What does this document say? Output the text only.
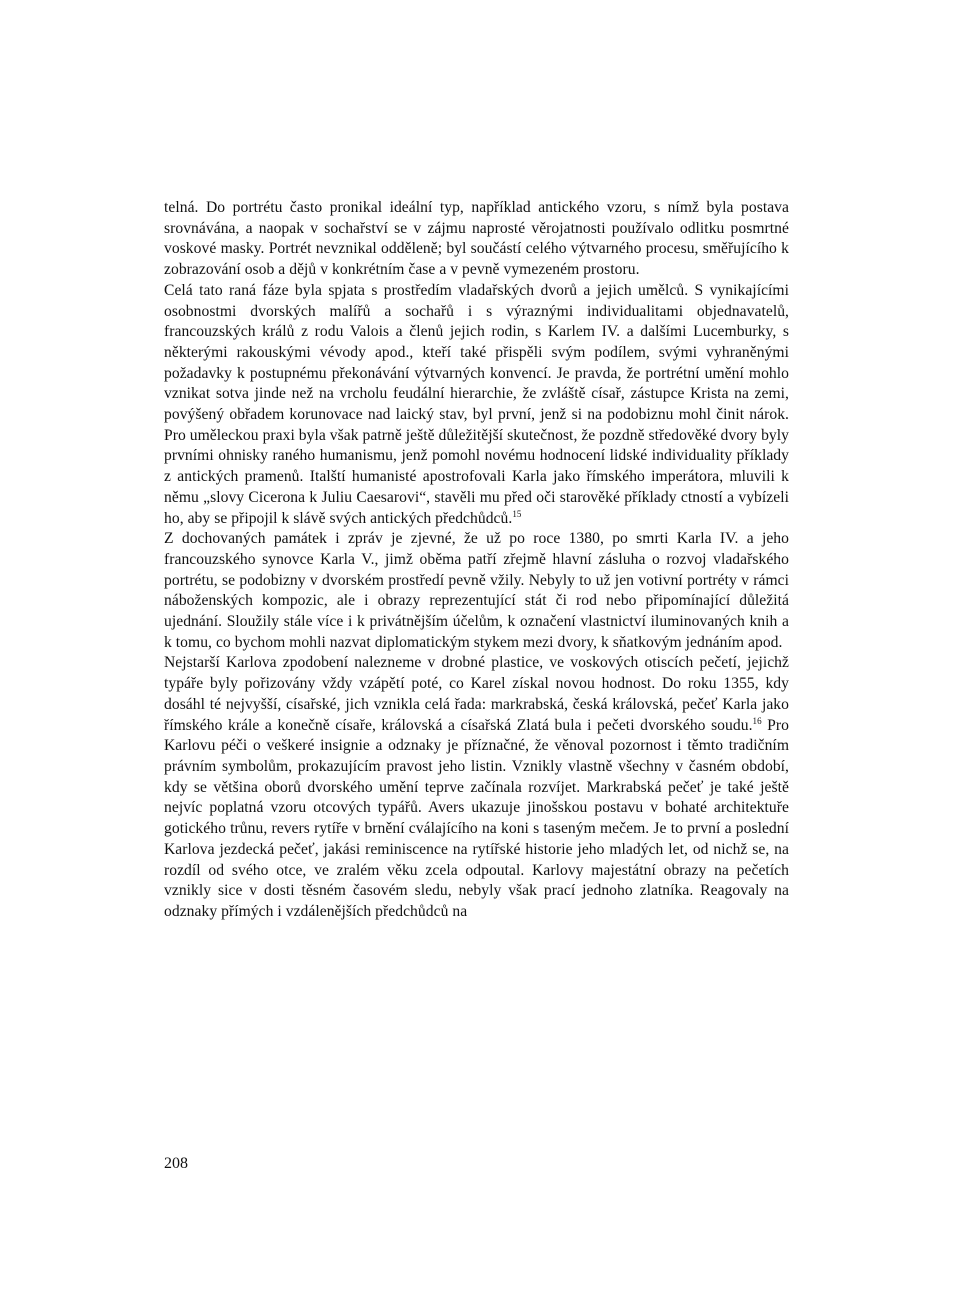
telná. Do portrétu často pronikal ideální typ, například antického vzoru, s nímž byla postava srovnávána, a naopak v sochařství se v zájmu naprosté věrojatnosti používalo odlitku posmrtné voskové masky. Portrét nevznikal odděleně; byl součástí celého výtvarného procesu, směřujícího k zobrazování osob a dějů v konkrétním čase a v pevně vymezeném prostoru.

Celá tato raná fáze byla spjata s prostředím vladařských dvorů a jejich umělců. S vynikajícími osobnostmi dvorských malířů a sochařů i s výraznými individualitami objednavatelů, francouzských králů z rodu Valois a členů jejich rodin, s Karlem IV. a dalšími Lucemburky, s některými rakouskými vévody apod., kteří také přispěli svým podílem, svými vyhraněnými požadavky k postupnému překonávání výtvarných konvencí. Je pravda, že portrétní umění mohlo vznikat sotva jinde než na vrcholu feudální hierarchie, že zvláště císař, zástupce Krista na zemi, povýšený obřadem korunovace nad laický stav, byl první, jenž si na podobiznu mohl činit nárok. Pro uměleckou praxi byla však patrně ještě důležitější skutečnost, že pozdně středověké dvory byly prvními ohnisky raného humanismu, jenž pomohl novému hodnocení lidské individuality příklady z antických pramenů. Italští humanisté apostrofovali Karla jako římského imperátora, mluvili k němu „slovy Cicerona k Juliu Caesarovi“, stavěli mu před oči starověké příklady ctností a vybízeli ho, aby se připojil k slávě svých antických předchůdců.$^{15}$

Z dochovaných památek i zpráv je zjevné, že už po roce 1380, po smrti Karla IV. a jeho francouzského synovce Karla V., jimž oběma patří zřejmě hlavní zásluha o rozvoj vladařského portrétu, se podobizny v dvorském prostředí pevně vžily. Nebyly to už jen votivní portréty v rámci náboženských kompozic, ale i obrazy reprezentující stát či rod nebo připomínající důležitá ujednání. Sloužily stále více i k privátnějším účelům, k označení vlastnictví iluminovaných knih a k tomu, co bychom mohli nazvat diplomatickým stykem mezi dvory, k sňatkovým jednáním apod.

Nejstarší Karlova zpodobení nalezneme v drobné plastice, ve voskových otiscích pečetí, jejichž typáře byly pořizovány vždy vzápětí poté, co Karel získal novou hodnost. Do roku 1355, kdy dosáhl té nejvyšší, císařské, jich vznikla celá řada: markrabská, česká královská, pečeť Karla jako římského krále a konečně císaře, královská a císařská Zlatá bula i pečeti dvorského soudu.$^{16}$ Pro Karlovu péči o veškeré insignie a odznaky je příznačné, že věnoval pozornost i těmto tradičním právním symbolům, prokazujícím pravost jeho listin. Vznikly vlastně všechny v časném období, kdy se většina oborů dvorského umění teprve začínala rozvíjet. Markrabská pečeť je také ještě nejvíc poplatná vzoru otcových typářů. Avers ukazuje jinošskou postavu v bohaté architektuře gotického trůnu, revers rytíře v brnění cválajícího na koni s taseným mečem. Je to první a poslední Karlova jezdecká pečeť, jakási reminiscence na rytířské historie jeho mladých let, od nichž se, na rozdíl od svého otce, ve zralém věku zcela odpoutal. Karlovy majestátní obrazy na pečetích vznikly sice v dosti těsném časovém sledu, nebyly však prací jednoho zlatníka. Reagovaly na odznaky přímých i vzdálenějších předchůdců na

208
